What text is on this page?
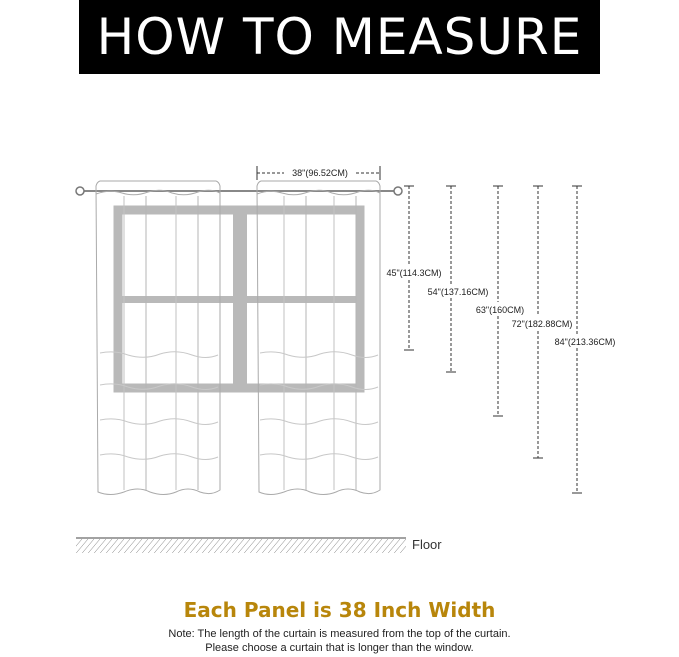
HOW TO MEASURE
38"(96.52CM)
45"(114.3CM)
54"(137.16CM)
63"(160CM)
72"(182.88CM)
84"(213.36CM)
Floor
Each Panel is 38 Inch Width
Note: The length of the curtain is measured from the top of the curtain.
Please choose a curtain that is longer than the window.
